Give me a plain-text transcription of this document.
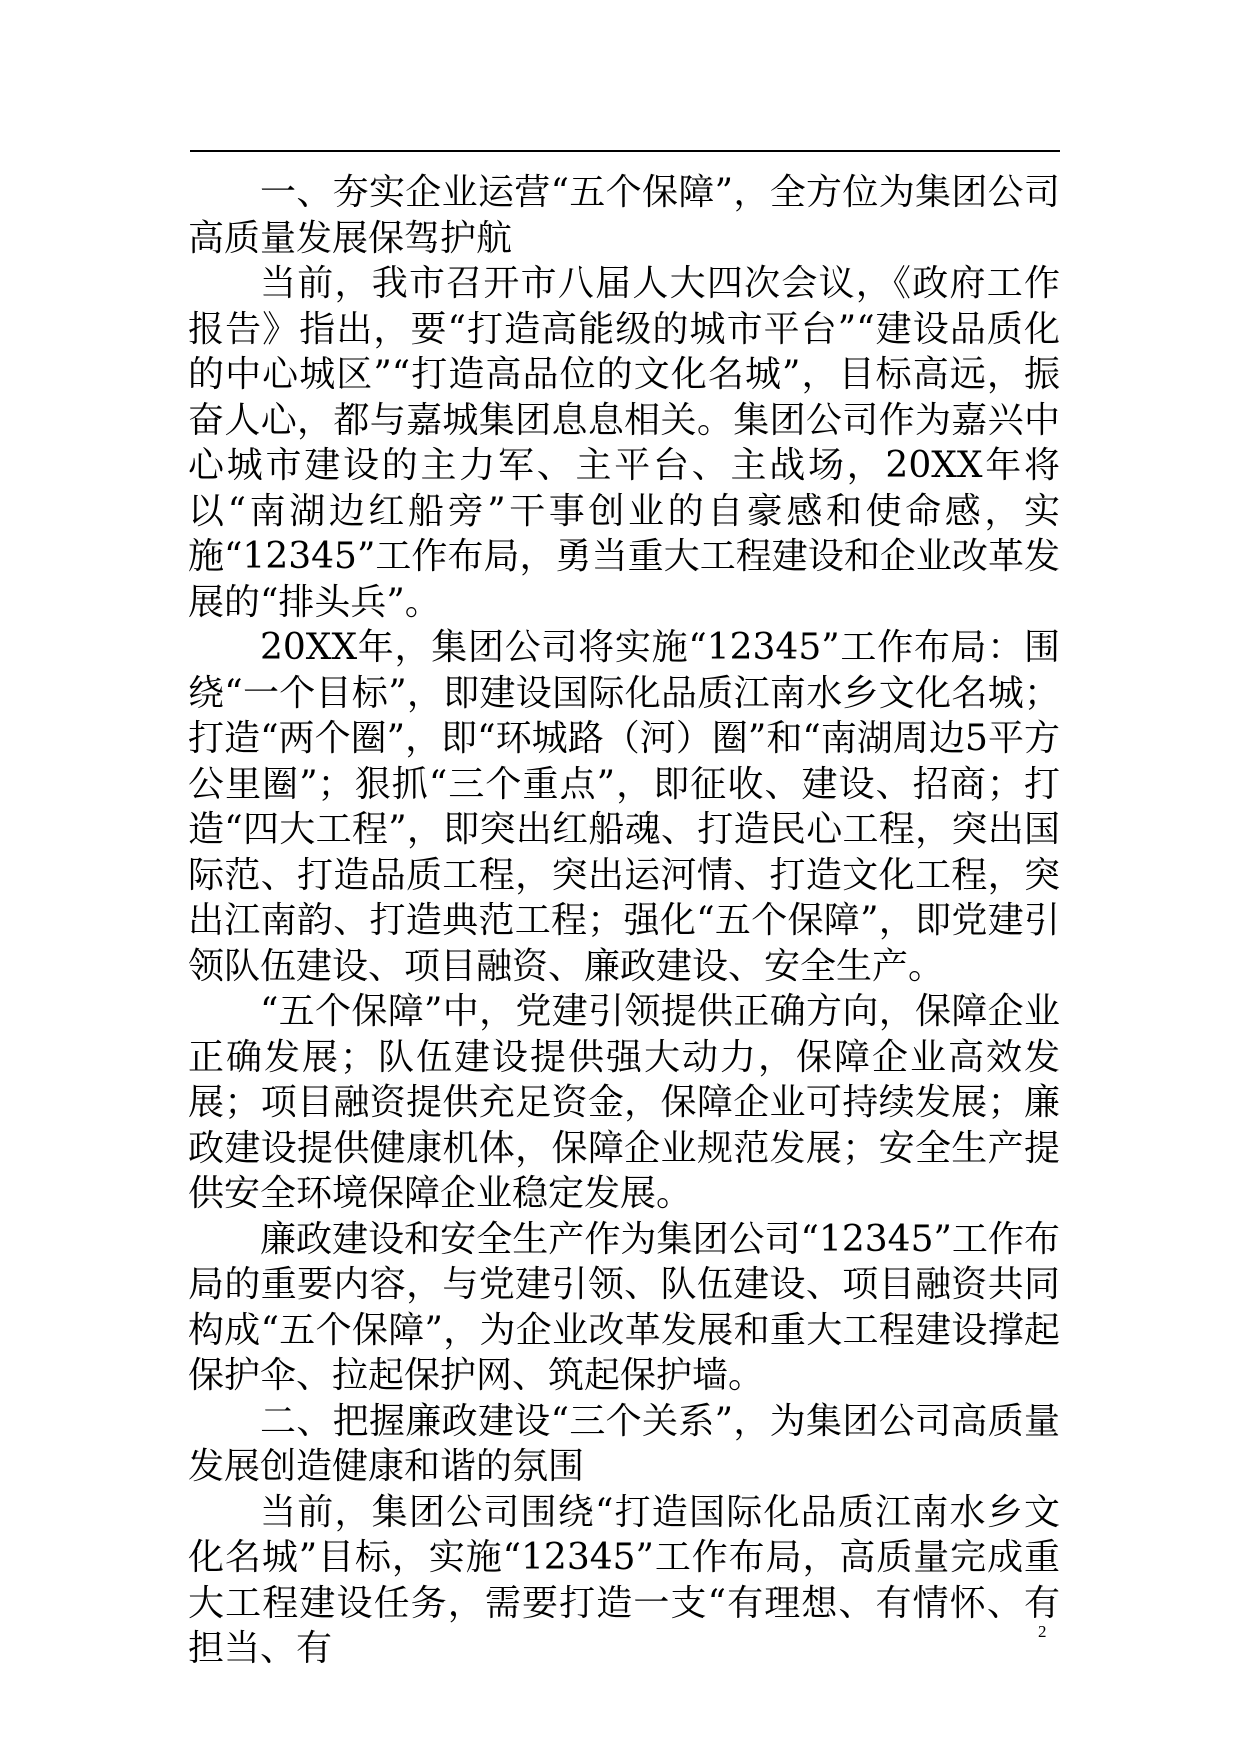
一、夯实企业运营“五个保障”，全方位为集团公司高质量发展保驾护航

当前，我市召开市八届人大四次会议，《政府工作报告》指出，要“打造高能级的城市平台”“建设品质化的中心城区”“打造高品位的文化名城”，目标高远，振奋人心，都与嘉城集团息息相关。集团公司作为嘉兴中心城市建设的主力军、主平台、主战场，20XX年将以“南湖边红船旁”干事创业的自豪感和使命感，实施“12345”工作布局，勇当重大工程建设和企业改革发展的“排头兵”。

20XX年，集团公司将实施“12345”工作布局：围绕“一个目标”，即建设国际化品质江南水乡文化名城；打造“两个圈”，即“环城路（河）圈”和“南湖周边5平方公里圈”；狠抓“三个重点”，即征收、建设、招商；打造“四大工程”，即突出红船魂、打造民心工程，突出国际范、打造品质工程，突出运河情、打造文化工程，突出江南韵、打造典范工程；强化“五个保障”，即党建引领队伍建设、项目融资、廉政建设、安全生产。

“五个保障”中，党建引领提供正确方向，保障企业正确发展；队伍建设提供强大动力，保障企业高效发展；项目融资提供充足资金，保障企业可持续发展；廉政建设提供健康机体，保障企业规范发展；安全生产提供安全环境保障企业稳定发展。

廉政建设和安全生产作为集团公司“12345”工作布局的重要内容，与党建引领、队伍建设、项目融资共同构成“五个保障”，为企业改革发展和重大工程建设撑起保护伞、拉起保护网、筑起保护墙。

二、把握廉政建设“三个关系”，为集团公司高质量发展创造健康和谐的氛围

当前，集团公司围绕“打造国际化品质江南水乡文化名城”目标，实施“12345”工作布局，高质量完成重大工程建设任务，需要打造一支“有理想、有情怀、有担当、有	2
